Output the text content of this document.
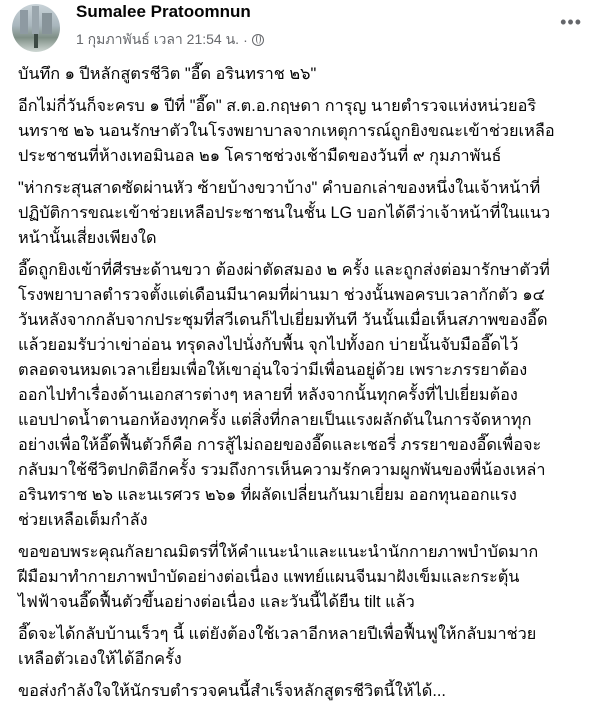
Sumalee Pratoomnun
1 กุมภาพันธ์ เวลา 21:54 น. ·
•••
บันทึก ๑ ปีหลักสูตรชีวิต "อี๊ด อรินทราช ๒๖"
อีกไม่กี่วันก็จะครบ ๑ ปีที่ "อี๊ด" ส.ต.อ.กฤษดา การุญ นายตำรวจแห่งหน่วยอริ
นทราช ๒๖ นอนรักษาตัวในโรงพยาบาลจากเหตุการณ์ถูกยิงขณะเข้าช่วยเหลือ
ประชาชนที่ห้างเทอมินอล ๒๑ โคราชช่วงเช้ามืดของวันที่ ๙ กุมภาพันธ์
"ห่ากระสุนสาดซัดผ่านหัว ซ้ายบ้างขวาบ้าง" คำบอกเล่าของหนึ่งในเจ้าหน้าที่
ปฏิบัติการขณะเข้าช่วยเหลือประชาชนในชั้น LG บอกได้ดีว่าเจ้าหน้าที่ในแนว
หน้านั้นเสี่ยงเพียงใด
อี๊ดถูกยิงเข้าที่ศีรษะด้านขวา ต้องผ่าตัดสมอง ๒ ครั้ง และถูกส่งต่อมารักษาตัวที่
โรงพยาบาลตำรวจตั้งแต่เดือนมีนาคมที่ผ่านมา ช่วงนั้นพอครบเวลากักตัว ๑๔
วันหลังจากกลับจากประชุมที่สวีเดนก็ไปเยี่ยมทันที วันนั้นเมื่อเห็นสภาพของอี๊ด
แล้วยอมรับว่าเข่าอ่อน ทรุดลงไปนั่งกับพื้น จุกไปทั้งอก บ่ายนั้นจับมืออี๊ดไว้
ตลอดจนหมดเวลาเยี่ยมเพื่อให้เขาอุ่นใจว่ามีเพื่อนอยู่ด้วย เพราะภรรยาต้อง
ออกไปทำเรื่องด้านเอกสารต่างๆ หลายที่ หลังจากนั้นทุกครั้งที่ไปเยี่ยมต้อง
แอบปาดน้ำตานอกห้องทุกครั้ง แต่สิ่งที่กลายเป็นแรงผลักดันในการจัดหาทุก
อย่างเพื่อให้อี๊ดฟื้นตัวก็คือ การสู้ไม่ถอยของอี๊ดและเชอรี่ ภรรยาของอี๊ดเพื่อจะ
กลับมาใช้ชีวิตปกติอีกครั้ง รวมถึงการเห็นความรักความผูกพันของพี่น้องเหล่า
อรินทราช ๒๖ และนเรศวร ๒๖๑ ที่ผลัดเปลี่ยนกันมาเยี่ยม ออกทุนออกแรง
ช่วยเหลือเต็มกำลัง
ขอขอบพระคุณกัลยาณมิตรที่ให้คำแนะนำและแนะนำนักกายภาพบำบัดมาก
ฝีมือมาทำกายภาพบำบัดอย่างต่อเนื่อง แพทย์แผนจีนมาฝังเข็มและกระตุ้น
ไฟฟ้าจนอี๊ดฟื้นตัวขึ้นอย่างต่อเนื่อง และวันนี้ได้ยืน tilt แล้ว
อี๊ดจะได้กลับบ้านเร็วๆ นี้ แต่ยังต้องใช้เวลาอีกหลายปีเพื่อฟื้นฟูให้กลับมาช่วย
เหลือตัวเองให้ได้อีกครั้ง
ขอส่งกำลังใจให้นักรบตำรวจคนนี้สำเร็จหลักสูตรชีวิตนี้ให้ได้...
